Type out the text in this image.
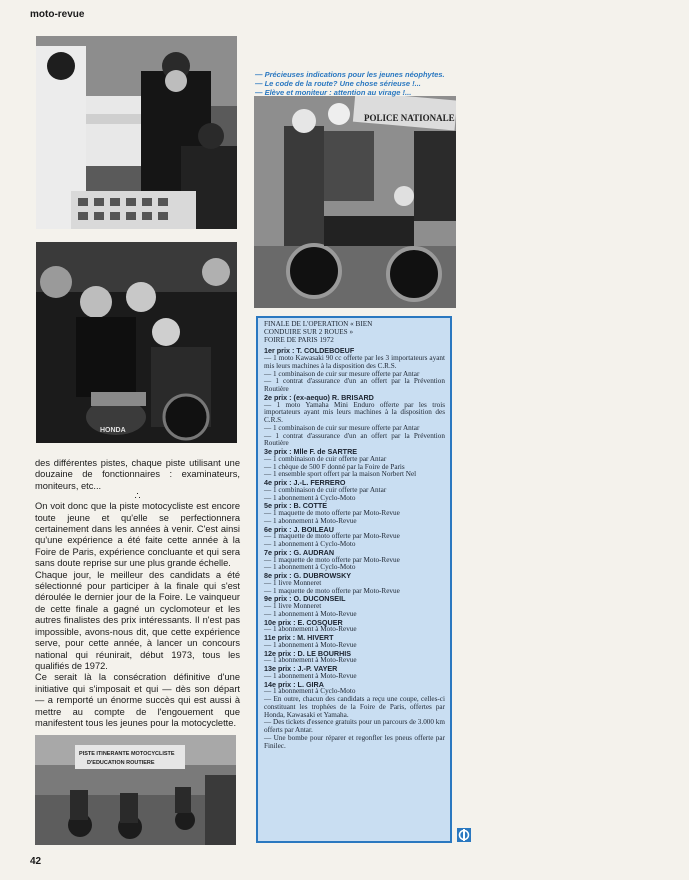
moto-revue
HONDA
POLICE NATIONALE
PISTE ITINERANTE MOTOCYCLISTE
D'EDUCATION ROUTIERE
— Précieuses indications pour les jeunes néophytes.
— Le code de la route? Une chose sérieuse !...
— Elève et moniteur : attention au virage !...

des différentes pistes, chaque piste utilisant une douzaine de fonctionnaires : examinateurs, moniteurs, etc...

∴

On voit donc que la piste motocycliste est encore toute jeune et qu'elle se perfectionnera certainement dans les années à venir. C'est ainsi qu'une expérience a été faite cette année à la Foire de Paris, expérience concluante et qui sera sans doute reprise sur une plus grande échelle.

Chaque jour, le meilleur des candidats a été sélectionné pour participer à la finale qui s'est déroulée le dernier jour de la Foire. Le vainqueur de cette finale a gagné un cyclomoteur et les autres finalistes des prix intéressants. Il n'est pas impossible, avons-nous dit, que cette expérience serve, pour cette année, à lancer un concours national qui réunirait, début 1973, tous les qualifiés de 1972.

Ce serait là la consécration définitive d'une initiative qui s'imposait et qui — dès son départ — a remporté un énorme succès qui est aussi à mettre au compte de l'engouement que manifestent tous les jeunes pour la motocyclette.

FINALE DE L'OPERATION « BIEN
CONDUIRE SUR 2 ROUES »
FOIRE DE PARIS 1972
1er prix : T. COLDEBOEUF
— 1 moto Kawasaki 90 cc offerte par les 3 importateurs ayant mis leurs machines à la disposition des C.R.S.
— 1 combinaison de cuir sur mesure offerte par Antar
— 1 contrat d'assurance d'un an offert par la Prévention Routière
2e prix : (ex-aequo) R. BRISARD
— 1 moto Yamaha Mini Enduro offerte par les trois importateurs ayant mis leurs machines à la disposition des C.R.S.
— 1 combinaison de cuir sur mesure offerte par Antar
— 1 contrat d'assurance d'un an offert par la Prévention Routière
3e prix : Mlle F. de SARTRE
— 1 combinaison de cuir offerte par Antar
— 1 chèque de 500 F donné par la Foire de Paris
— 1 ensemble sport offert par la maison Norbert Nel
4e prix : J.-L. FERRERO
— 1 combinaison de cuir offerte par Antar
— 1 abonnement à Cyclo-Moto
5e prix : B. COTTE
— 1 maquette de moto offerte par Moto-Revue
— 1 abonnement à Moto-Revue
6e prix : J. BOILEAU
— 1 maquette de moto offerte par Moto-Revue
— 1 abonnement à Cyclo-Moto
7e prix : G. AUDRAN
— 1 maquette de moto offerte par Moto-Revue
— 1 abonnement à Cyclo-Moto
8e prix : G. DUBROWSKY
— 1 livre Monneret
— 1 maquette de moto offerte par Moto-Revue
9e prix : O. DUCONSEIL
— 1 livre Monneret
— 1 abonnement à Moto-Revue
10e prix : E. COSQUER
— 1 abonnement à Moto-Revue
11e prix : M. HIVERT
— 1 abonnement à Moto-Revue
12e prix : D. LE BOURHIS
— 1 abonnement à Moto-Revue
13e prix : J.-P. VAYER
— 1 abonnement à Moto-Revue
14e prix : L. GIRA
— 1 abonnement à Cyclo-Moto
— En outre, chacun des candidats a reçu une coupe, celles-ci constituant les trophées de la Foire de Paris, offertes par Honda, Kawasaki et Yamaha.
— Des tickets d'essence gratuits pour un parcours de 3.000 km offerts par Antar.
— Une bombe pour réparer et regonfler les pneus offerte par Finilec.
42
